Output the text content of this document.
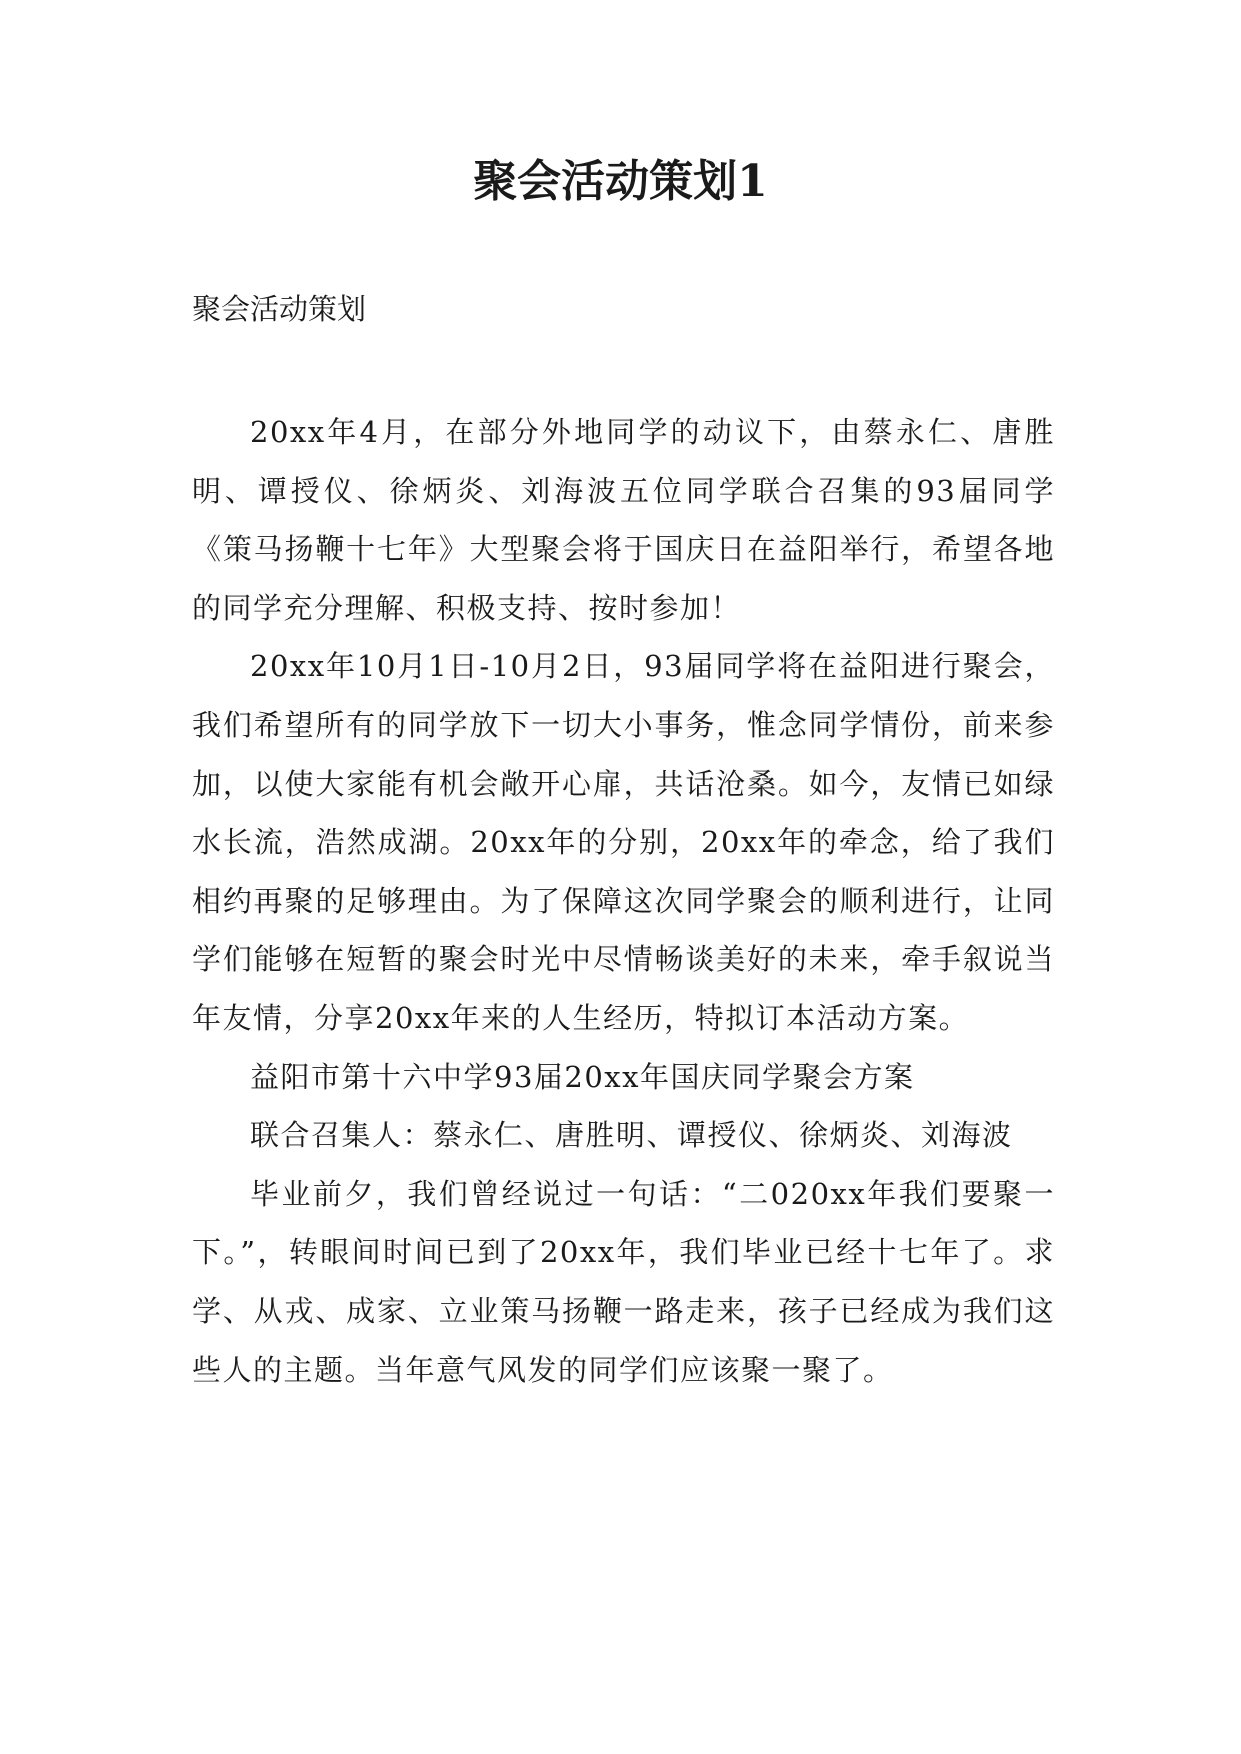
聚会活动策划1

聚会活动策划

20xx年4月，在部分外地同学的动议下，由蔡永仁、唐胜明、谭授仪、徐炳炎、刘海波五位同学联合召集的93届同学《策马扬鞭十七年》大型聚会将于国庆日在益阳举行，希望各地的同学充分理解、积极支持、按时参加！

20xx年10月1日-10月2日，93届同学将在益阳进行聚会，我们希望所有的同学放下一切大小事务，惟念同学情份，前来参加，以使大家能有机会敞开心扉，共话沧桑。如今，友情已如绿水长流，浩然成湖。20xx年的分别，20xx年的牵念，给了我们相约再聚的足够理由。为了保障这次同学聚会的顺利进行，让同学们能够在短暂的聚会时光中尽情畅谈美好的未来，牵手叙说当年友情，分享20xx年来的人生经历，特拟订本活动方案。

益阳市第十六中学93届20xx年国庆同学聚会方案

联合召集人：蔡永仁、唐胜明、谭授仪、徐炳炎、刘海波

毕业前夕，我们曾经说过一句话：“二020xx年我们要聚一下。”，转眼间时间已到了20xx年，我们毕业已经十七年了。求学、从戎、成家、立业策马扬鞭一路走来，孩子已经成为我们这些人的主题。当年意气风发的同学们应该聚一聚了。
